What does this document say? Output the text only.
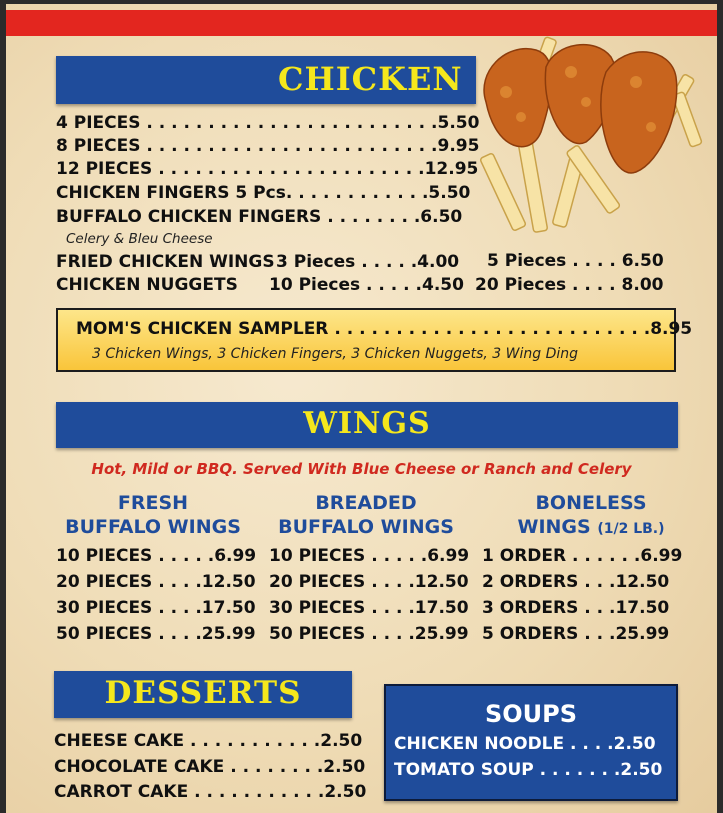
CHICKEN
4 PIECES . . . . . . . . . . . . . . . . . . . . . . . .5.50
8 PIECES . . . . . . . . . . . . . . . . . . . . . . . .9.95
12 PIECES . . . . . . . . . . . . . . . . . . . . . .12.95
CHICKEN FINGERS 5 Pcs. . . . . . . . . . . .5.50
BUFFALO CHICKEN FINGERS . . . . . . . .6.50
Celery & Bleu Cheese
FRIED CHICKEN WINGS 3 Pieces . . . . .4.00 5 Pieces . . . . 6.50
CHICKEN NUGGETS 10 Pieces . . . . .4.50 20 Pieces . . . . 8.00
MOM'S CHICKEN SAMPLER . . . . . . . . . . . . . . . . . . . . . . . . . .8.95
3 Chicken Wings, 3 Chicken Fingers, 3 Chicken Nuggets, 3 Wing Ding
WINGS
Hot, Mild or BBQ. Served With Blue Cheese or Ranch and Celery
FRESH
BUFFALO WINGS
BREADED
BUFFALO WINGS
BONELESS
WINGS (1/2 LB.)
10 PIECES . . . . .6.99
20 PIECES . . . .12.50
30 PIECES . . . .17.50
50 PIECES . . . .25.99
10 PIECES . . . . .6.99
20 PIECES . . . .12.50
30 PIECES . . . .17.50
50 PIECES . . . .25.99
1 ORDER . . . . . .6.99
2 ORDERS . . .12.50
3 ORDERS . . .17.50
5 ORDERS . . .25.99
DESSERTS
CHEESE CAKE . . . . . . . . . . .2.50
CHOCOLATE CAKE . . . . . . . .2.50
CARROT CAKE . . . . . . . . . . .2.50
SOUPS
CHICKEN NOODLE . . . .2.50
TOMATO SOUP . . . . . . .2.50
